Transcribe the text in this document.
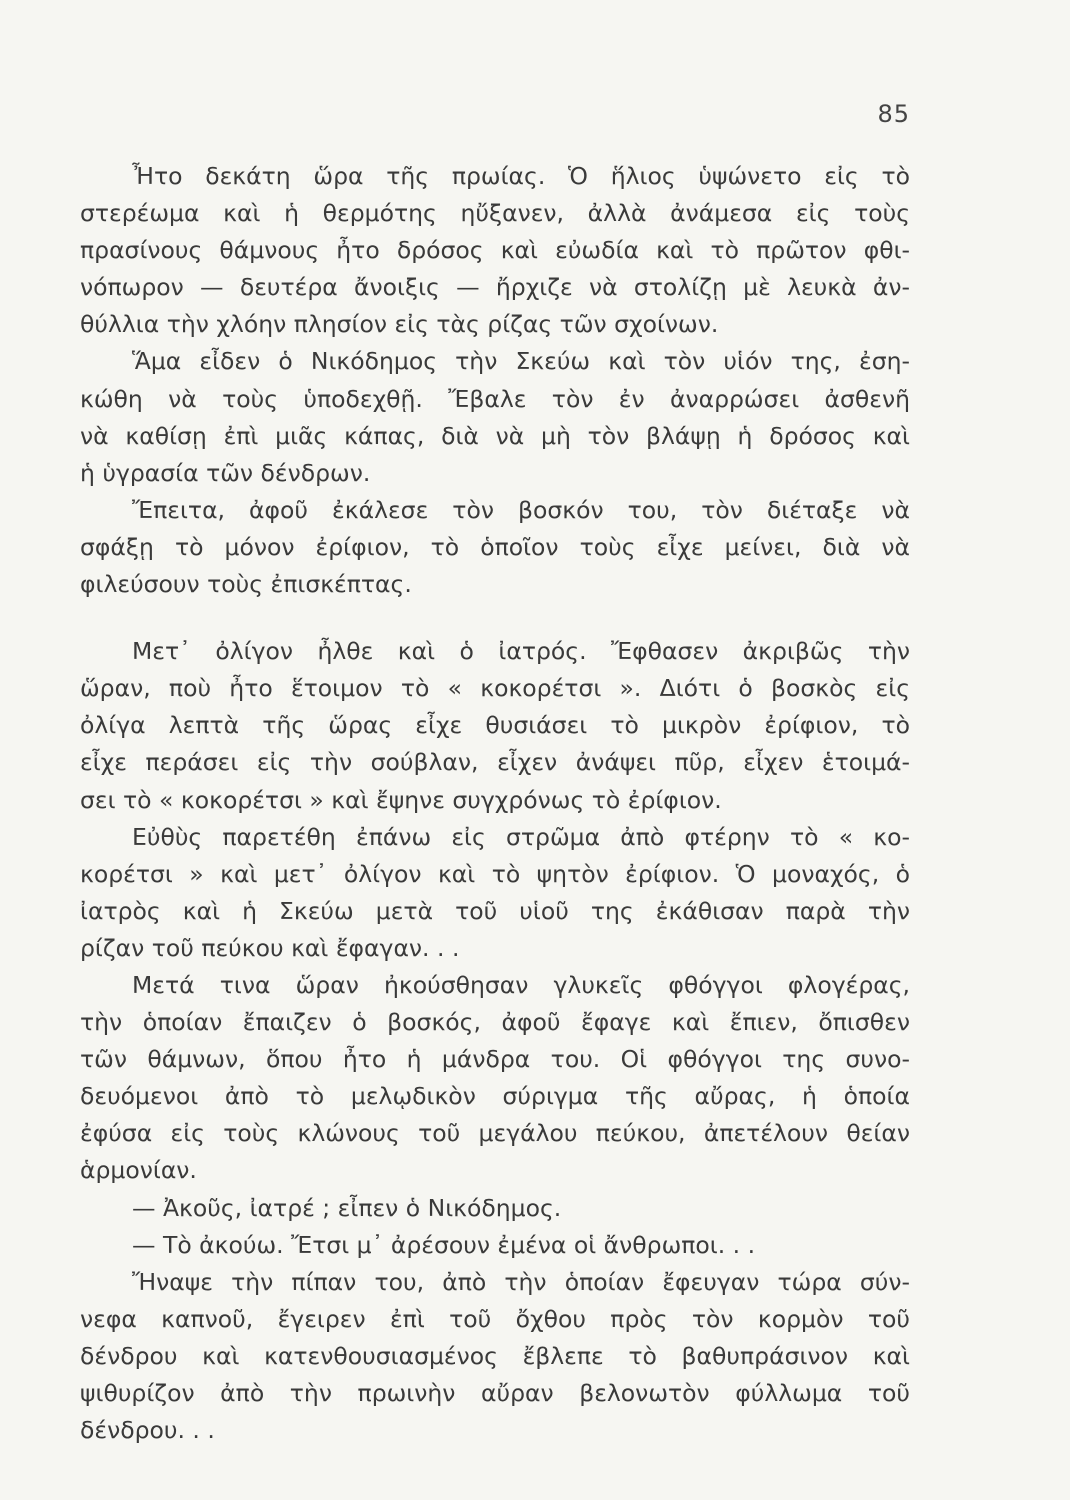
85
Ἦτο δεκάτη ὥρα τῆς πρωίας. Ὁ ἥλιος ὑψώνετο εἰς τὸ
στερέωμα καὶ ἡ θερμότης ηὔξανεν, ἀλλὰ ἀνάμεσα εἰς τοὺς
πρασίνους θάμνους ἦτο δρόσος καὶ εὐωδία καὶ τὸ πρῶτον φθι-
νόπωρον — δευτέρα ἄνοιξις — ἤρχιζε νὰ στολίζῃ μὲ λευκὰ ἀν-
θύλλια τὴν χλόην πλησίον εἰς τὰς ρίζας τῶν σχοίνων.
Ἅμα εἶδεν ὁ Νικόδημος τὴν Σκεύω καὶ τὸν υἱόν της, ἐση-
κώθη νὰ τοὺς ὑποδεχθῇ. Ἔβαλε τὸν ἐν ἀναρρώσει ἀσθενῆ
νὰ καθίσῃ ἐπὶ μιᾶς κάπας, διὰ νὰ μὴ τὸν βλάψῃ ἡ δρόσος καὶ
ἡ ὑγρασία τῶν δένδρων.
Ἔπειτα, ἀφοῦ ἐκάλεσε τὸν βοσκόν του, τὸν διέταξε νὰ
σφάξῃ τὸ μόνον ἐρίφιον, τὸ ὁποῖον τοὺς εἶχε μείνει, διὰ νὰ
φιλεύσουν τοὺς ἐπισκέπτας.
Μετ᾽ ὀλίγον ἦλθε καὶ ὁ ἰατρός. Ἔφθασεν ἀκριβῶς τὴν
ὥραν, ποὺ ἦτο ἕτοιμον τὸ « κοκορέτσι ». Διότι ὁ βοσκὸς εἰς
ὀλίγα λεπτὰ τῆς ὥρας εἶχε θυσιάσει τὸ μικρὸν ἐρίφιον, τὸ
εἶχε περάσει εἰς τὴν σούβλαν, εἶχεν ἀνάψει πῦρ, εἶχεν ἑτοιμά-
σει τὸ « κοκορέτσι » καὶ ἔψηνε συγχρόνως τὸ ἐρίφιον.
Εὐθὺς παρετέθη ἐπάνω εἰς στρῶμα ἀπὸ φτέρην τὸ « κο-
κορέτσι » καὶ μετ᾽ ὀλίγον καὶ τὸ ψητὸν ἐρίφιον. Ὁ μοναχός, ὁ
ἰατρὸς καὶ ἡ Σκεύω μετὰ τοῦ υἱοῦ της ἐκάθισαν παρὰ τὴν
ρίζαν τοῦ πεύκου καὶ ἔφαγαν. . .
Μετά τινα ὥραν ἠκούσθησαν γλυκεῖς φθόγγοι φλογέρας,
τὴν ὁποίαν ἔπαιζεν ὁ βοσκός, ἀφοῦ ἔφαγε καὶ ἔπιεν, ὄπισθεν
τῶν θάμνων, ὅπου ἦτο ἡ μάνδρα του. Οἱ φθόγγοι της συνο-
δευόμενοι ἀπὸ τὸ μελῳδικὸν σύριγμα τῆς αὔρας, ἡ ὁποία
ἐφύσα εἰς τοὺς κλώνους τοῦ μεγάλου πεύκου, ἀπετέλουν θείαν
ἁρμονίαν.
— Ἀκοῦς, ἰατρέ ; εἶπεν ὁ Νικόδημος.
— Τὸ ἀκούω. Ἔτσι μ᾽ ἀρέσουν ἐμένα οἱ ἄνθρωποι. . .
Ἤναψε τὴν πίπαν του, ἀπὸ τὴν ὁποίαν ἔφευγαν τώρα σύν-
νεφα καπνοῦ, ἔγειρεν ἐπὶ τοῦ ὄχθου πρὸς τὸν κορμὸν τοῦ
δένδρου καὶ κατενθουσιασμένος ἔβλεπε τὸ βαθυπράσινον καὶ
ψιθυρίζον ἀπὸ τὴν πρωινὴν αὔραν βελονωτὸν φύλλωμα τοῦ
δένδρου. . .
